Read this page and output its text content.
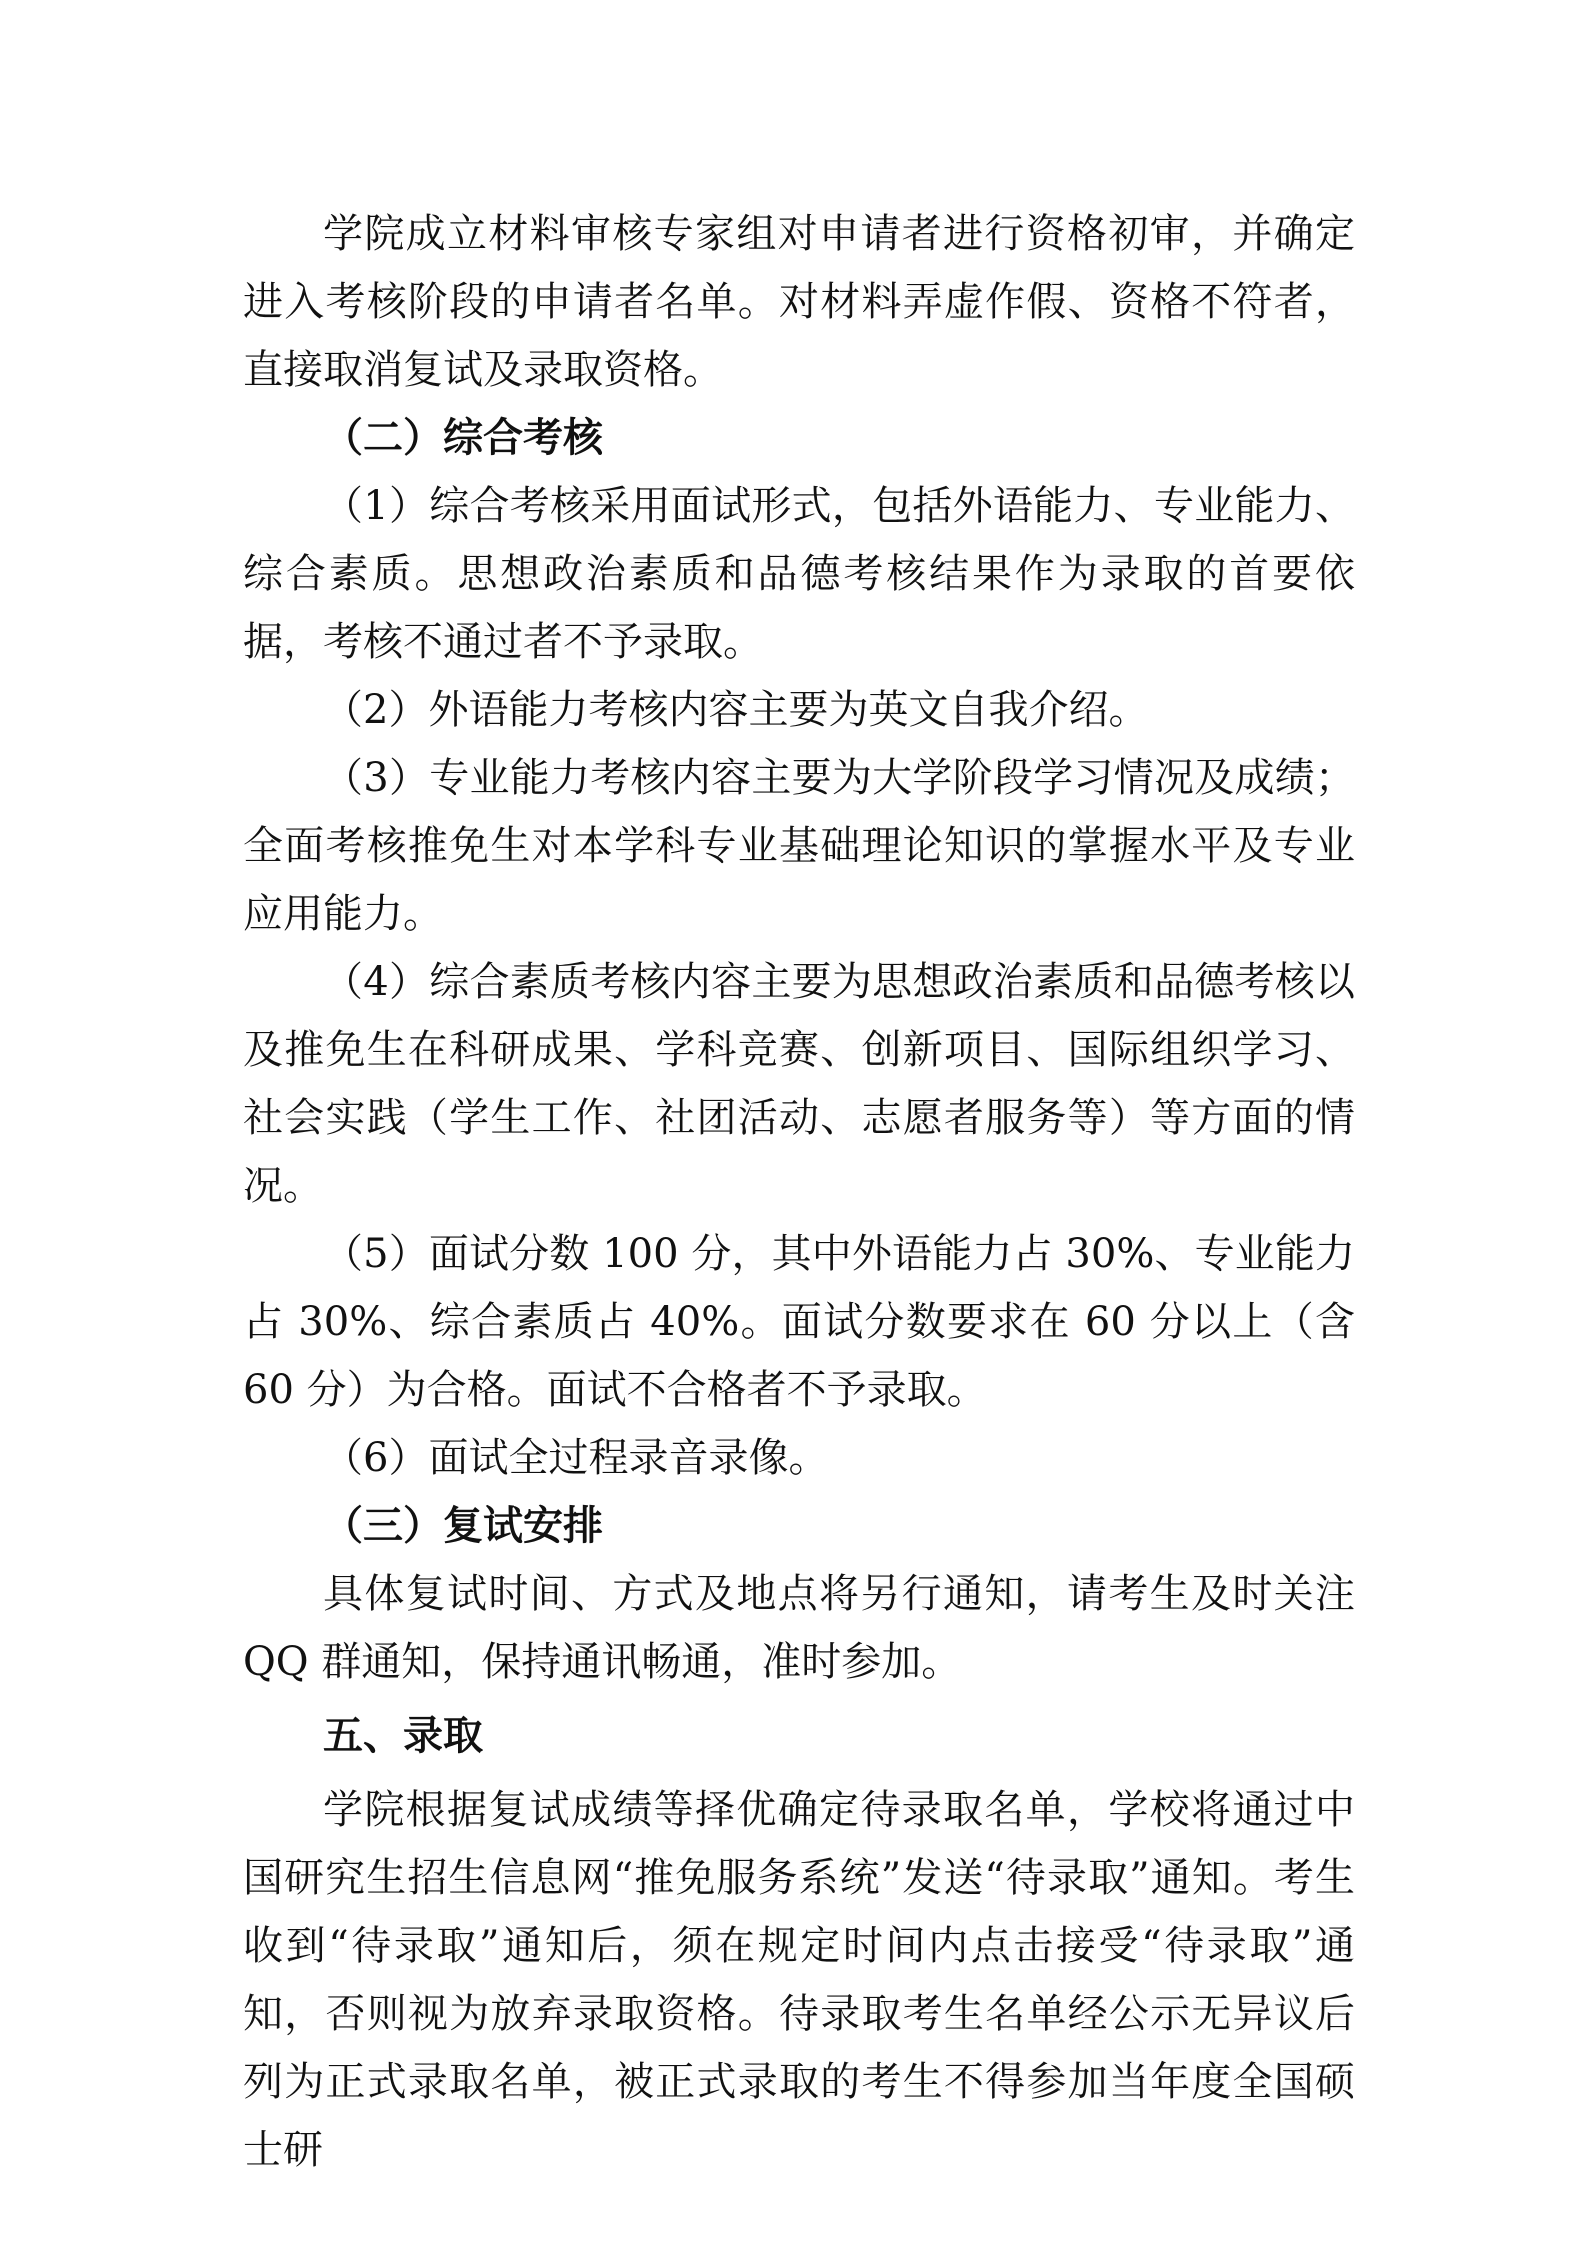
学院成立材料审核专家组对申请者进行资格初审，并确定进入考核阶段的申请者名单。对材料弄虚作假、资格不符者，直接取消复试及录取资格。

（二）综合考核

（1）综合考核采用面试形式，包括外语能力、专业能力、综合素质。思想政治素质和品德考核结果作为录取的首要依据，考核不通过者不予录取。

（2）外语能力考核内容主要为英文自我介绍。

（3）专业能力考核内容主要为大学阶段学习情况及成绩；全面考核推免生对本学科专业基础理论知识的掌握水平及专业应用能力。

（4）综合素质考核内容主要为思想政治素质和品德考核以及推免生在科研成果、学科竞赛、创新项目、国际组织学习、社会实践（学生工作、社团活动、志愿者服务等）等方面的情况。

（5）面试分数 100 分，其中外语能力占 30%、专业能力占 30%、综合素质占 40%。面试分数要求在 60 分以上（含 60 分）为合格。面试不合格者不予录取。

（6）面试全过程录音录像。

（三）复试安排

具体复试时间、方式及地点将另行通知，请考生及时关注 QQ 群通知，保持通讯畅通，准时参加。

五、录取

学院根据复试成绩等择优确定待录取名单，学校将通过中国研究生招生信息网“推免服务系统”发送“待录取”通知。考生收到“待录取”通知后，须在规定时间内点击接受“待录取”通知，否则视为放弃录取资格。待录取考生名单经公示无异议后列为正式录取名单，被正式录取的考生不得参加当年度全国硕士研
